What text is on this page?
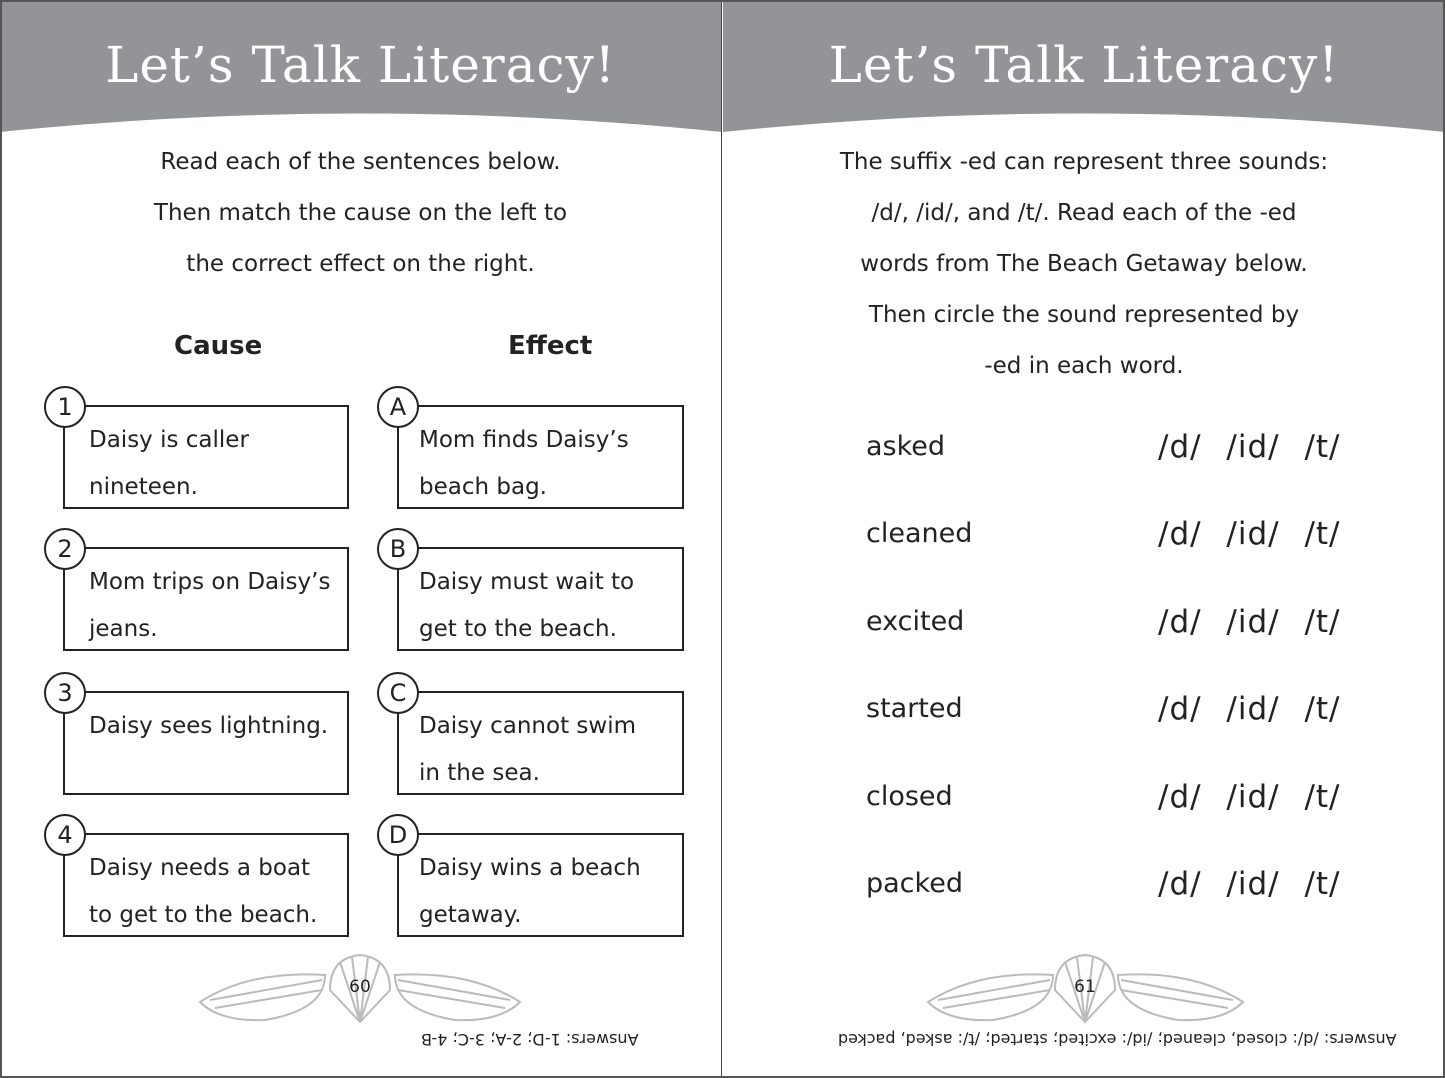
Let’s Talk Literacy!
Read each of the sentences below.
Then match the cause on the left to
the correct effect on the right.
Cause	Effect
Daisy is caller
nineteen.
1
Mom trips on Daisy’s
jeans.
2
Daisy sees lightning.
3
Daisy needs a boat
to get to the beach.
4
Mom finds Daisy’s
beach bag.
A
Daisy must wait to
get to the beach.
B
Daisy cannot swim
in the sea.
C
Daisy wins a beach
getaway.
D
60
Answers: 1-D; 2-A; 3-C; 4-B
Let’s Talk Literacy!
The suffix -ed can represent three sounds:
/d/, /id/, and /t/. Read each of the -ed
words from The Beach Getaway below.
Then circle the sound represented by
-ed in each word.
asked	/d/ /id/ /t/
cleaned	/d/ /id/ /t/
excited	/d/ /id/ /t/
started	/d/ /id/ /t/
closed	/d/ /id/ /t/
packed	/d/ /id/ /t/
61
Answers: /d/: closed, cleaned; /id/: excited; started; /t/: asked, packed
